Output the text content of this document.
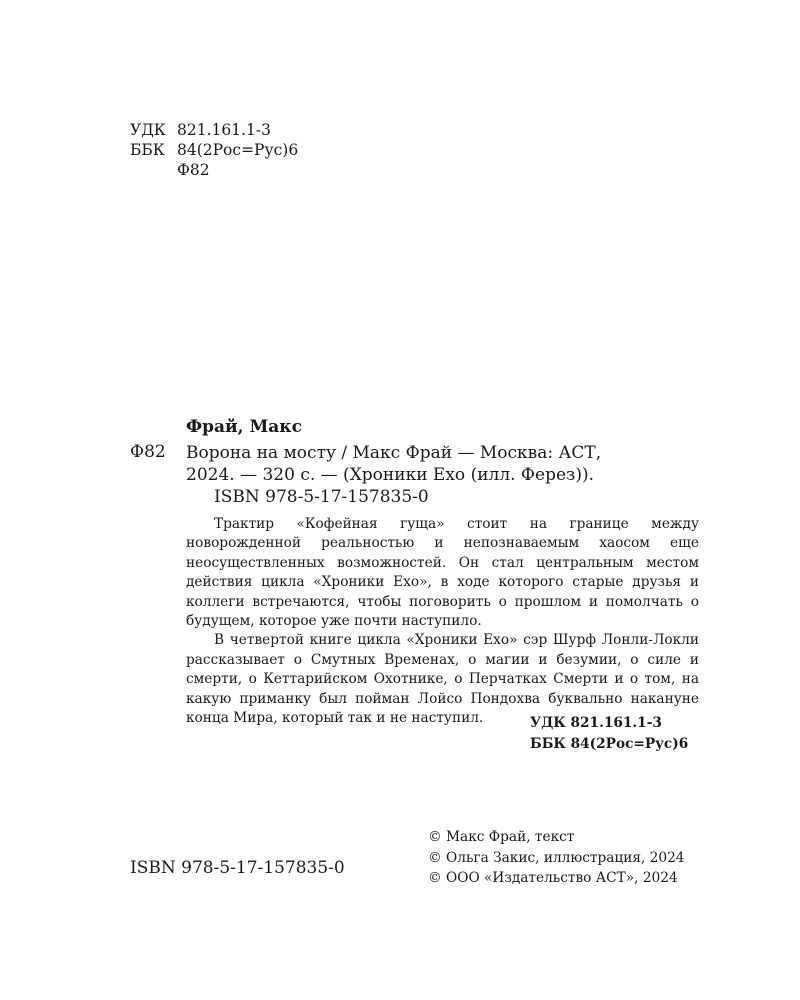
УДК 821.161.1-3
ББК 84(2Рос=Рус)6
Ф82
Фрай, Макс
Ф82 Ворона на мосту / Макс Фрай — Москва: АСТ,
2024. — 320 с. — (Хроники Ехо (илл. Ферез)).
ISBN 978-5-17-157835-0

Трактир «Кофейная гуща» стоит на границе между новорожденной реальностью и непознаваемым хаосом еще неосуществленных возможностей. Он стал центральным местом действия цикла «Хроники Ехо», в ходе которого старые друзья и коллеги встречаются, чтобы поговорить о прошлом и помолчать о будущем, которое уже почти наступило.

В четвертой книге цикла «Хроники Ехо» сэр Шурф Лонли-Локли рассказывает о Смутных Временах, о магии и безумии, о силе и смерти, о Кеттарийском Охотнике, о Перчатках Смерти и о том, на какую приманку был пойман Лойсо Пондохва буквально накануне конца Мира, который так и не наступил.	УДК 821.161.1-3
ББК 84(2Рос=Рус)6
© Макс Фрай, текст
© Ольга Закис, иллюстрация, 2024
© ООО «Издательство АСТ», 2024
ISBN 978-5-17-157835-0
